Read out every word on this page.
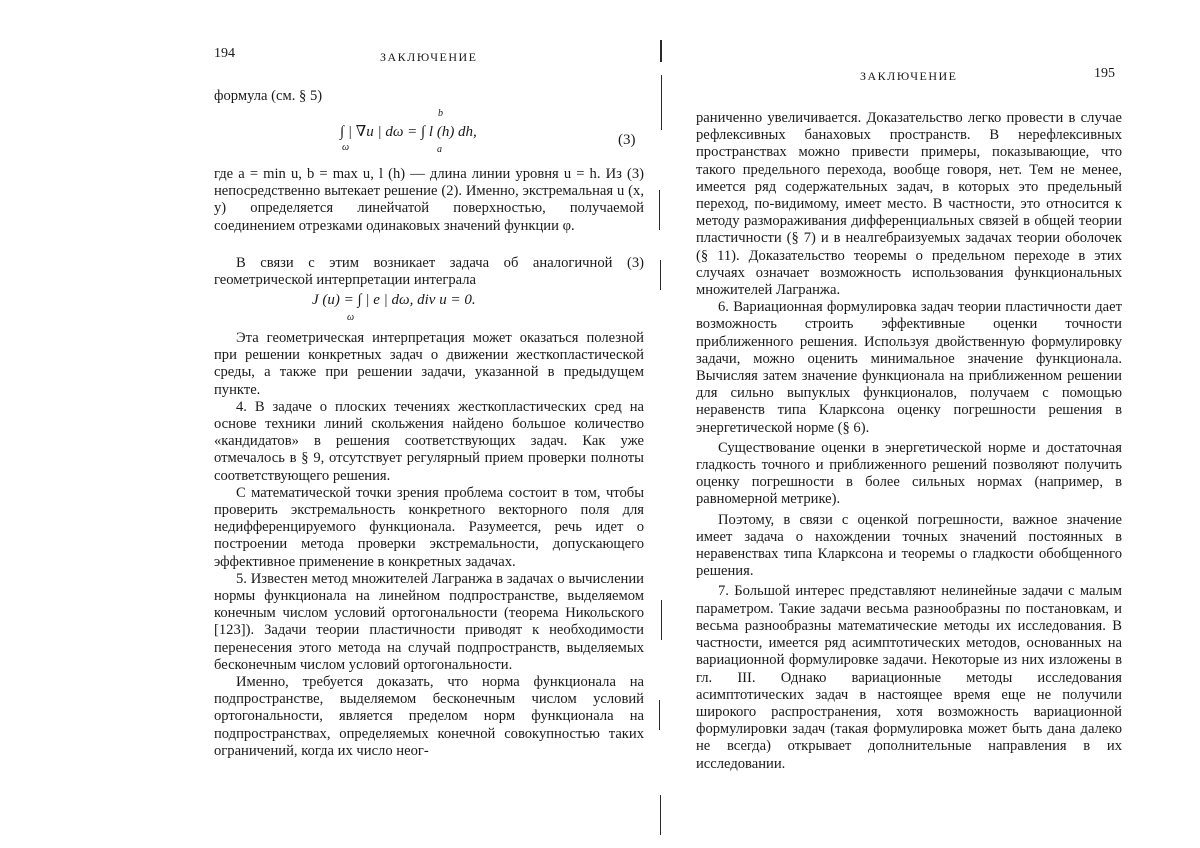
194	ЗАКЛЮЧЕНИЕ

формула (см. § 5)

∫ | ∇u | dω = ∫ l (h) dh,
ω
b
a
(3)

где a = min u, b = max u, l (h) — длина линии уровня u = h. Из (3) непосредственно вытекает решение (2). Именно, экстремальная u (x, y) определяется линейчатой поверхностью, получаемой соединением отрезками одинаковых значений функции φ.

В связи с этим возникает задача об аналогичной (3) геометрической интерпретации интеграла

J (u) = ∫ | e | dω, div u = 0.
ω

Эта геометрическая интерпретация может оказаться полезной при решении конкретных задач о движении жесткопластической среды, а также при решении задачи, указанной в предыдущем пункте.

4. В задаче о плоских течениях жесткопластических сред на основе техники линий скольжения найдено большое количество «кандидатов» в решения соответствующих задач. Как уже отмечалось в § 9, отсутствует регулярный прием проверки полноты соответствующего решения.

С математической точки зрения проблема состоит в том, чтобы проверить экстремальность конкретного векторного поля для недифференцируемого функционала. Разумеется, речь идет о построении метода проверки экстремальности, допускающего эффективное применение в конкретных задачах.

5. Известен метод множителей Лагранжа в задачах о вычислении нормы функционала на линейном подпространстве, выделяемом конечным числом условий ортогональности (теорема Никольского [123]). Задачи теории пластичности приводят к необходимости перенесения этого метода на случай подпространств, выделяемых бесконечным числом условий ортогональности.

Именно, требуется доказать, что норма функционала на подпространстве, выделяемом бесконечным числом условий ортогональности, является пределом норм функционала на подпространствах, определяемых конечной совокупностью таких ограничений, когда их число неог-

ЗАКЛЮЧЕНИЕ	195

раниченно увеличивается. Доказательство легко провести в случае рефлексивных банаховых пространств. В нерефлексивных пространствах можно привести примеры, показывающие, что такого предельного перехода, вообще говоря, нет. Тем не менее, имеется ряд содержательных задач, в которых это предельный переход, по-видимому, имеет место. В частности, это относится к методу размораживания дифференциальных связей в общей теории пластичности (§ 7) и в неалгебраизуемых задачах теории оболочек (§ 11). Доказательство теоремы о предельном переходе в этих случаях означает возможность использования функциональных множителей Лагранжа.

6. Вариационная формулировка задач теории пластичности дает возможность строить эффективные оценки точности приближенного решения. Используя двойственную формулировку задачи, можно оценить минимальное значение функционала. Вычисляя затем значение функционала на приближенном решении для сильно выпуклых функционалов, получаем с помощью неравенств типа Кларксона оценку погрешности решения в энергетической норме (§ 6).

Существование оценки в энергетической норме и достаточная гладкость точного и приближенного решений позволяют получить оценку погрешности в более сильных нормах (например, в равномерной метрике).

Поэтому, в связи с оценкой погрешности, важное значение имеет задача о нахождении точных значений постоянных в неравенствах типа Кларксона и теоремы о гладкости обобщенного решения.

7. Большой интерес представляют нелинейные задачи с малым параметром. Такие задачи весьма разнообразны по постановкам, и весьма разнообразны математические методы их исследования. В частности, имеется ряд асимптотических методов, основанных на вариационной формулировке задачи. Некоторые из них изложены в гл. III. Однако вариационные методы исследования асимптотических задач в настоящее время еще не получили широкого распространения, хотя возможность вариационной формулировки задач (такая формулировка может быть дана далеко не всегда) открывает дополнительные направления в их исследовании.
